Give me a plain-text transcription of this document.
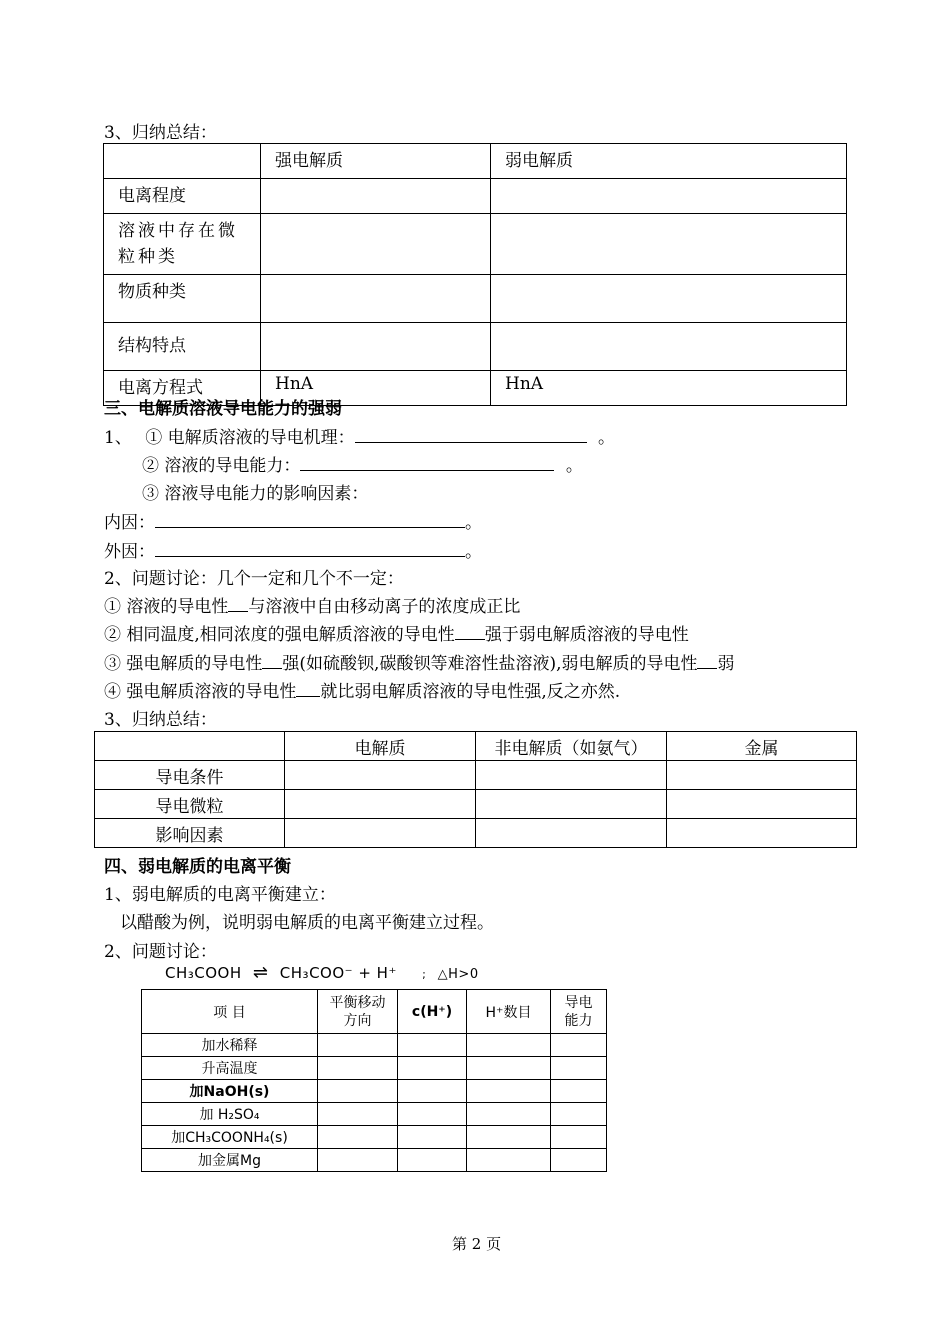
3、归纳总结：
	强电解质	弱电解质
电离程度		
溶液中存在微粒种类		
物质种类		
结构特点		
电离方程式	HnA	HnA
三、电解质溶液导电能力的强弱
1、 ① 电解质溶液的导电机理：	。
② 溶液的导电能力：	。
③ 溶液导电能力的影响因素：
内因：	。
外因：	。
2、问题讨论：几个一定和几个不一定：
① 溶液的导电性 与溶液中自由移动离子的浓度成正比
② 相同温度,相同浓度的强电解质溶液的导电性 强于弱电解质溶液的导电性
③ 强电解质的导电性 强(如硫酸钡,碳酸钡等难溶性盐溶液),弱电解质的导电性 弱
④ 强电解质溶液的导电性 就比弱电解质溶液的导电性强,反之亦然.
3、归纳总结：
	电解质	非电解质（如氨气）	金属
导电条件			
导电微粒			
影响因素			
四、弱电解质的电离平衡
1、弱电解质的电离平衡建立：
以醋酸为例，说明弱电解质的电离平衡建立过程。
2、问题讨论：
CH₃COOH ⇌ CH₃COO⁻ + H⁺ ; △H>0
项 目	平衡移动方向	c(H⁺)	H⁺数目	导电能力
加水稀释				
升高温度				
加NaOH(s)				
加 H₂SO₄				
加CH₃COONH₄(s)				
加金属Mg				
第 2 页
